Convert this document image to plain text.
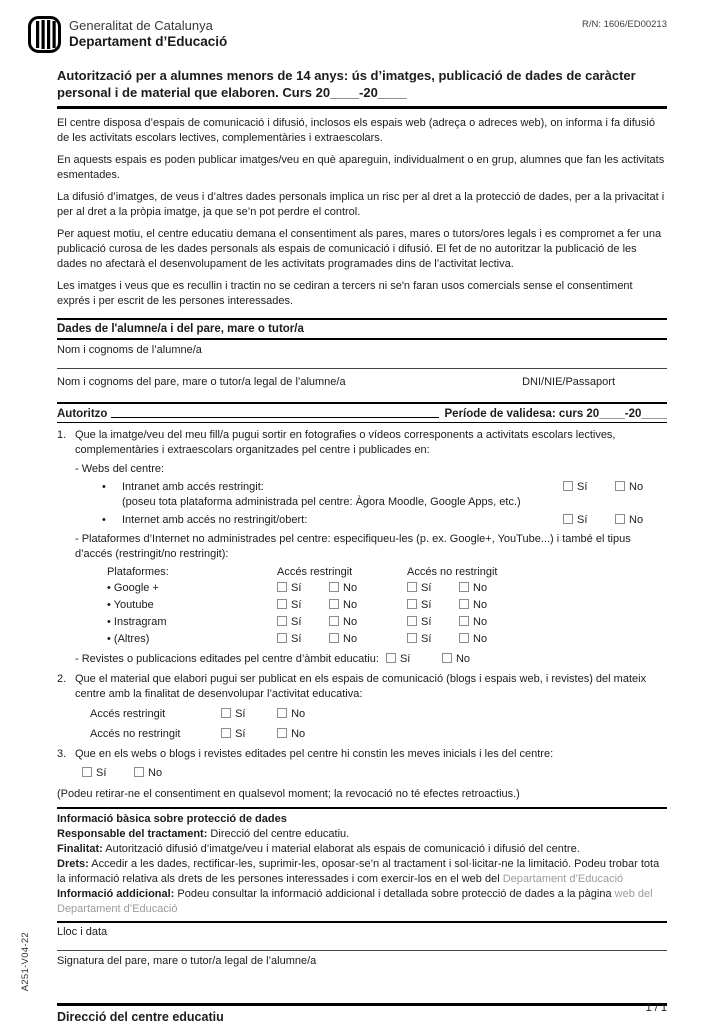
Generalitat de Catalunya
Departament d’Educació
R/N: 1606/ED00213
Autorització per a alumnes menors de 14 anys: ús d’imatges, publicació de dades de caràcter personal i de material que elaboren. Curs 20____-20____
El centre disposa d’espais de comunicació i difusió, inclosos els espais web (adreça o adreces web), on informa i fa difusió de les activitats escolars lectives, complementàries i extraescolars.
En aquests espais es poden publicar imatges/veu en què apareguin, individualment o en grup, alumnes que fan les activitats esmentades.
La difusió d’imatges, de veus i d’altres dades personals implica un risc per al dret a la protecció de dades, per a la privacitat i per al dret a la pròpia imatge, ja que se’n pot perdre el control.
Per aquest motiu, el centre educatiu demana el consentiment als pares, mares o tutors/ores legals i es compromet a fer una publicació curosa de les dades personals als espais de comunicació i difusió. El fet de no autoritzar la publicació de les dades no afectarà el desenvolupament de les activitats programades dins de l’activitat lectiva.
Les imatges i veus que es recullin i tractin no se cediran a tercers ni se'n faran usos comercials sense el consentiment exprés i per escrit de les persones interessades.
Dades de l'alumne/a i del pare, mare o tutor/a
Nom i cognoms de l’alumne/a
Nom i cognoms del pare, mare o tutor/a legal de l’alumne/a	DNI/NIE/Passaport
Autoritzo	Període de validesa: curs 20____-20____
1. Que la imatge/veu del meu fill/a pugui sortir en fotografies o vídeos corresponents a activitats escolars lectives, complementàries i extraescolars organitzades pel centre i publicades en:
- Webs del centre:
•	Intranet amb accés restringit:
(poseu tota plataforma administrada pel centre: Àgora Moodle, Google Apps, etc.)
Sí	No
•	Internet amb accés no restringit/obert:	Sí	No
- Plataformes d’Internet no administrades pel centre: especifiqueu-les (p. ex. Google+, YouTube...) i també el tipus d’accés (restringit/no restringit):
Plataformes:	Accés restringit	Accés no restringit
• Google +	Sí	No	Sí	No
• Youtube	Sí	No	Sí	No
• Instragram	Sí	No	Sí	No
• (Altres)	Sí	No	Sí	No
- Revistes o publicacions editades pel centre d’àmbit educatiu: Sí	No
2. Que el material que elabori pugui ser publicat en els espais de comunicació (blogs i espais web, i revistes) del mateix centre amb la finalitat de desenvolupar l’activitat educativa:
Accés restringit	Sí	No
Accés no restringit	Sí	No
3. Que en els webs o blogs i revistes editades pel centre hi constin les meves inicials i les del centre:
Sí	No
(Podeu retirar-ne el consentiment en qualsevol moment; la revocació no té efectes retroactius.)
Informació bàsica sobre protecció de dades
Responsable del tractament: Direcció del centre educatiu.
Finalitat: Autorització difusió d’imatge/veu i material elaborat als espais de comunicació i difusió del centre.
Drets: Accedir a les dades, rectificar-les, suprimir-les, oposar-se’n al tractament i sol·licitar-ne la limitació. Podeu trobar tota la informació relativa als drets de les persones interessades i com exercir-los en el web del Departament d’Educació
Informació addicional: Podeu consultar la informació addicional i detallada sobre protecció de dades a la pàgina web del Departament d’Educació
Lloc i data
Signatura del pare, mare o tutor/a legal de l’alumne/a
Direcció del centre educatiu
1 / 1
A251-V04-22
